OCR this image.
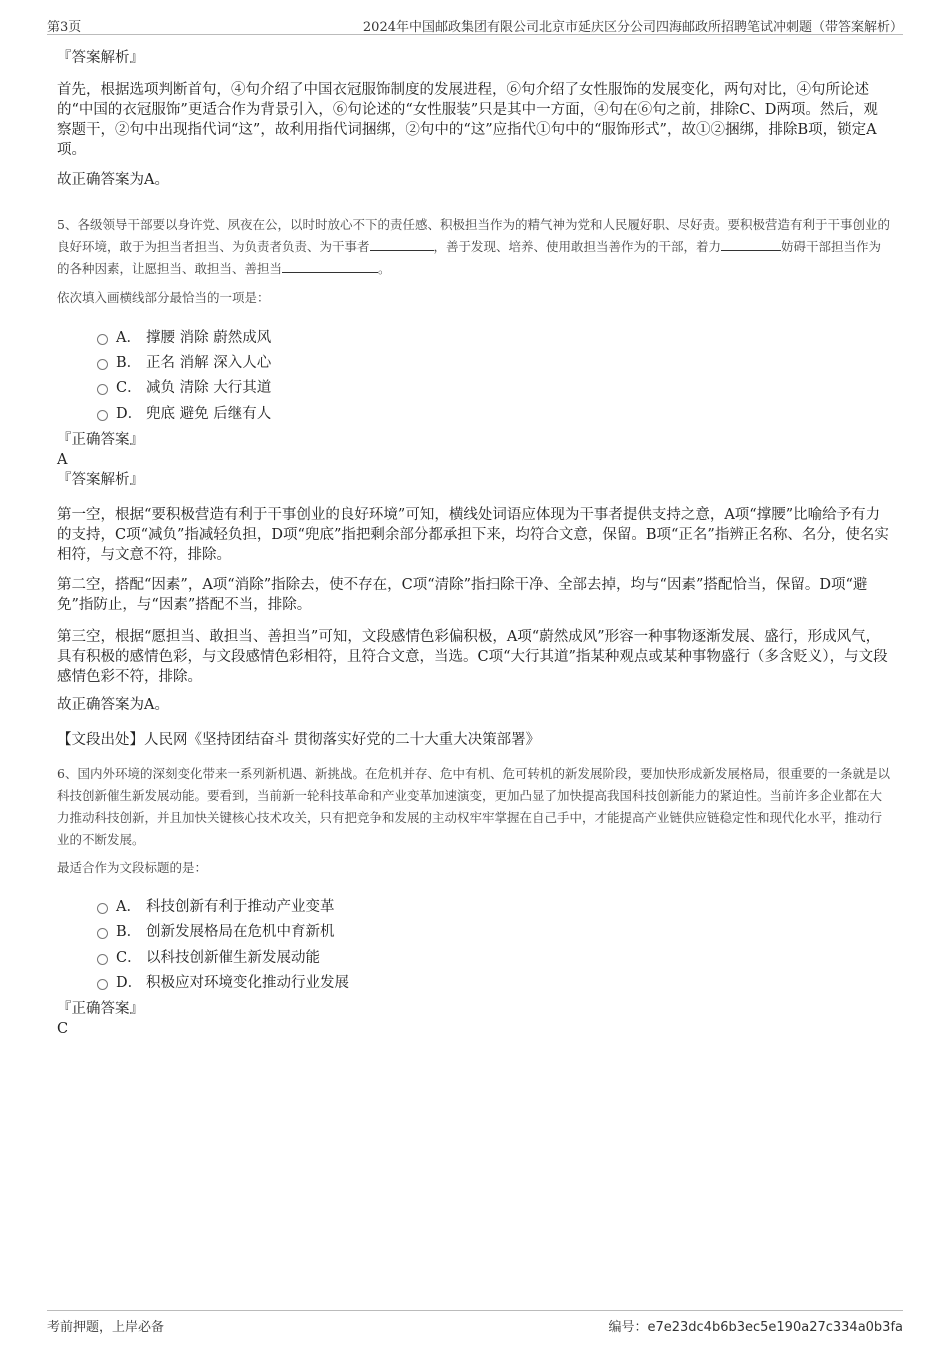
第3页	2024年中国邮政集团有限公司北京市延庆区分公司四海邮政所招聘笔试冲刺题（带答案解析）
『答案解析』
首先，根据选项判断首句，④句介绍了中国衣冠服饰制度的发展进程，⑥句介绍了女性服饰的发展变化，两句对比，④句所论述的“中国的衣冠服饰”更适合作为背景引入，⑥句论述的“女性服装”只是其中一方面，④句在⑥句之前，排除C、D两项。然后，观察题干，②句中出现指代词“这”，故利用指代词捆绑，②句中的“这”应指代①句中的“服饰形式”，故①②捆绑，排除B项，锁定A项。
故正确答案为A。
5、各级领导干部要以身许党、夙夜在公，以时时放心不下的责任感、积极担当作为的精气神为党和人民履好职、尽好责。要积极营造有利于干事创业的良好环境，敢于为担当者担当、为负责者负责、为干事者	，善于发现、培养、使用敢担当善作为的干部，着力	妨碍干部担当作为的各种因素，让愿担当、敢担当、善担当	。
依次填入画横线部分最恰当的一项是：
A． 撑腰 消除 蔚然成风
B． 正名 消解 深入人心
C． 减负 清除 大行其道
D． 兜底 避免 后继有人
『正确答案』
A
『答案解析』
第一空，根据“要积极营造有利于干事创业的良好环境”可知，横线处词语应体现为干事者提供支持之意，A项“撑腰”比喻给予有力的支持，C项“减负”指减轻负担，D项“兜底”指把剩余部分都承担下来，均符合文意，保留。B项“正名”指辨正名称、名分，使名实相符，与文意不符，排除。
第二空，搭配“因素”，A项“消除”指除去，使不存在，C项“清除”指扫除干净、全部去掉，均与“因素”搭配恰当，保留。D项“避免”指防止，与“因素”搭配不当，排除。
第三空，根据“愿担当、敢担当、善担当”可知，文段感情色彩偏积极，A项“蔚然成风”形容一种事物逐渐发展、盛行，形成风气，具有积极的感情色彩，与文段感情色彩相符，且符合文意，当选。C项“大行其道”指某种观点或某种事物盛行（多含贬义），与文段感情色彩不符，排除。
故正确答案为A。
【文段出处】人民网《坚持团结奋斗 贯彻落实好党的二十大重大决策部署》
6、国内外环境的深刻变化带来一系列新机遇、新挑战。在危机并存、危中有机、危可转机的新发展阶段，要加快形成新发展格局，很重要的一条就是以科技创新催生新发展动能。要看到，当前新一轮科技革命和产业变革加速演变，更加凸显了加快提高我国科技创新能力的紧迫性。当前许多企业都在大力推动科技创新，并且加快关键核心技术攻关，只有把竞争和发展的主动权牢牢掌握在自己手中，才能提高产业链供应链稳定性和现代化水平，推动行业的不断发展。
最适合作为文段标题的是：
A． 科技创新有利于推动产业变革
B． 创新发展格局在危机中育新机
C． 以科技创新催生新发展动能
D． 积极应对环境变化推动行业发展
『正确答案』
C
考前押题，上岸必备	编号：e7e23dc4b6b3ec5e190a27c334a0b3fa
